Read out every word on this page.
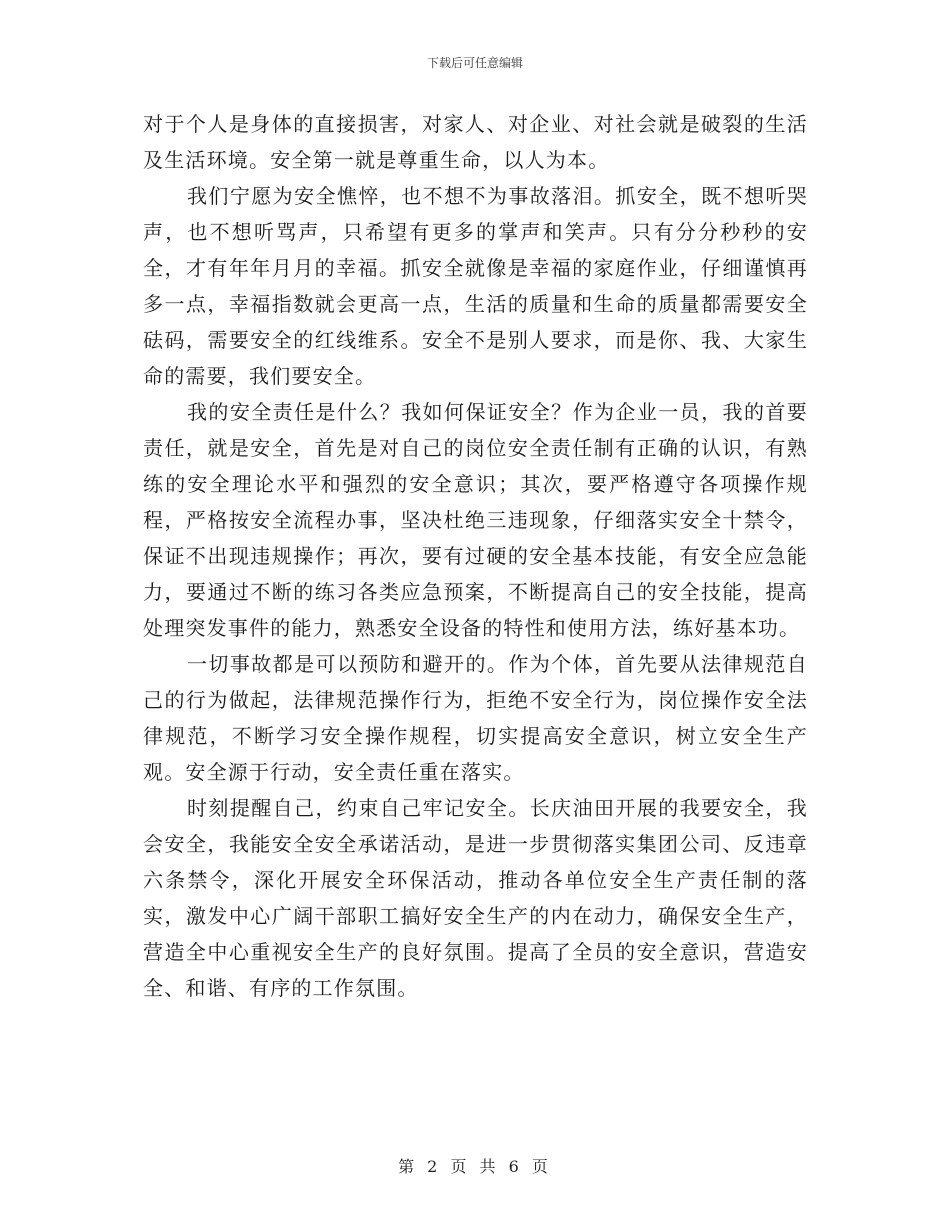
下载后可任意编辑

对于个人是身体的直接损害，对家人、对企业、对社会就是破裂的生活及生活环境。安全第一就是尊重生命，以人为本。

我们宁愿为安全憔悴，也不想不为事故落泪。抓安全，既不想听哭声，也不想听骂声，只希望有更多的掌声和笑声。只有分分秒秒的安全，才有年年月月的幸福。抓安全就像是幸福的家庭作业，仔细谨慎再多一点，幸福指数就会更高一点，生活的质量和生命的质量都需要安全砝码，需要安全的红线维系。安全不是别人要求，而是你、我、大家生命的需要，我们要安全。

我的安全责任是什么？我如何保证安全？作为企业一员，我的首要责任，就是安全，首先是对自己的岗位安全责任制有正确的认识，有熟练的安全理论水平和强烈的安全意识；其次，要严格遵守各项操作规程，严格按安全流程办事，坚决杜绝三违现象，仔细落实安全十禁令，保证不出现违规操作；再次，要有过硬的安全基本技能，有安全应急能力，要通过不断的练习各类应急预案，不断提高自己的安全技能，提高处理突发事件的能力，熟悉安全设备的特性和使用方法，练好基本功。

一切事故都是可以预防和避开的。作为个体，首先要从法律规范自己的行为做起，法律规范操作行为，拒绝不安全行为，岗位操作安全法律规范，不断学习安全操作规程，切实提高安全意识，树立安全生产观。安全源于行动，安全责任重在落实。

时刻提醒自己，约束自己牢记安全。长庆油田开展的我要安全，我会安全，我能安全安全承诺活动，是进一步贯彻落实集团公司、反违章六条禁令，深化开展安全环保活动，推动各单位安全生产责任制的落实，激发中心广阔干部职工搞好安全生产的内在动力，确保安全生产，营造全中心重视安全生产的良好氛围。提高了全员的安全意识，营造安全、和谐、有序的工作氛围。

第 2 页 共 6 页
